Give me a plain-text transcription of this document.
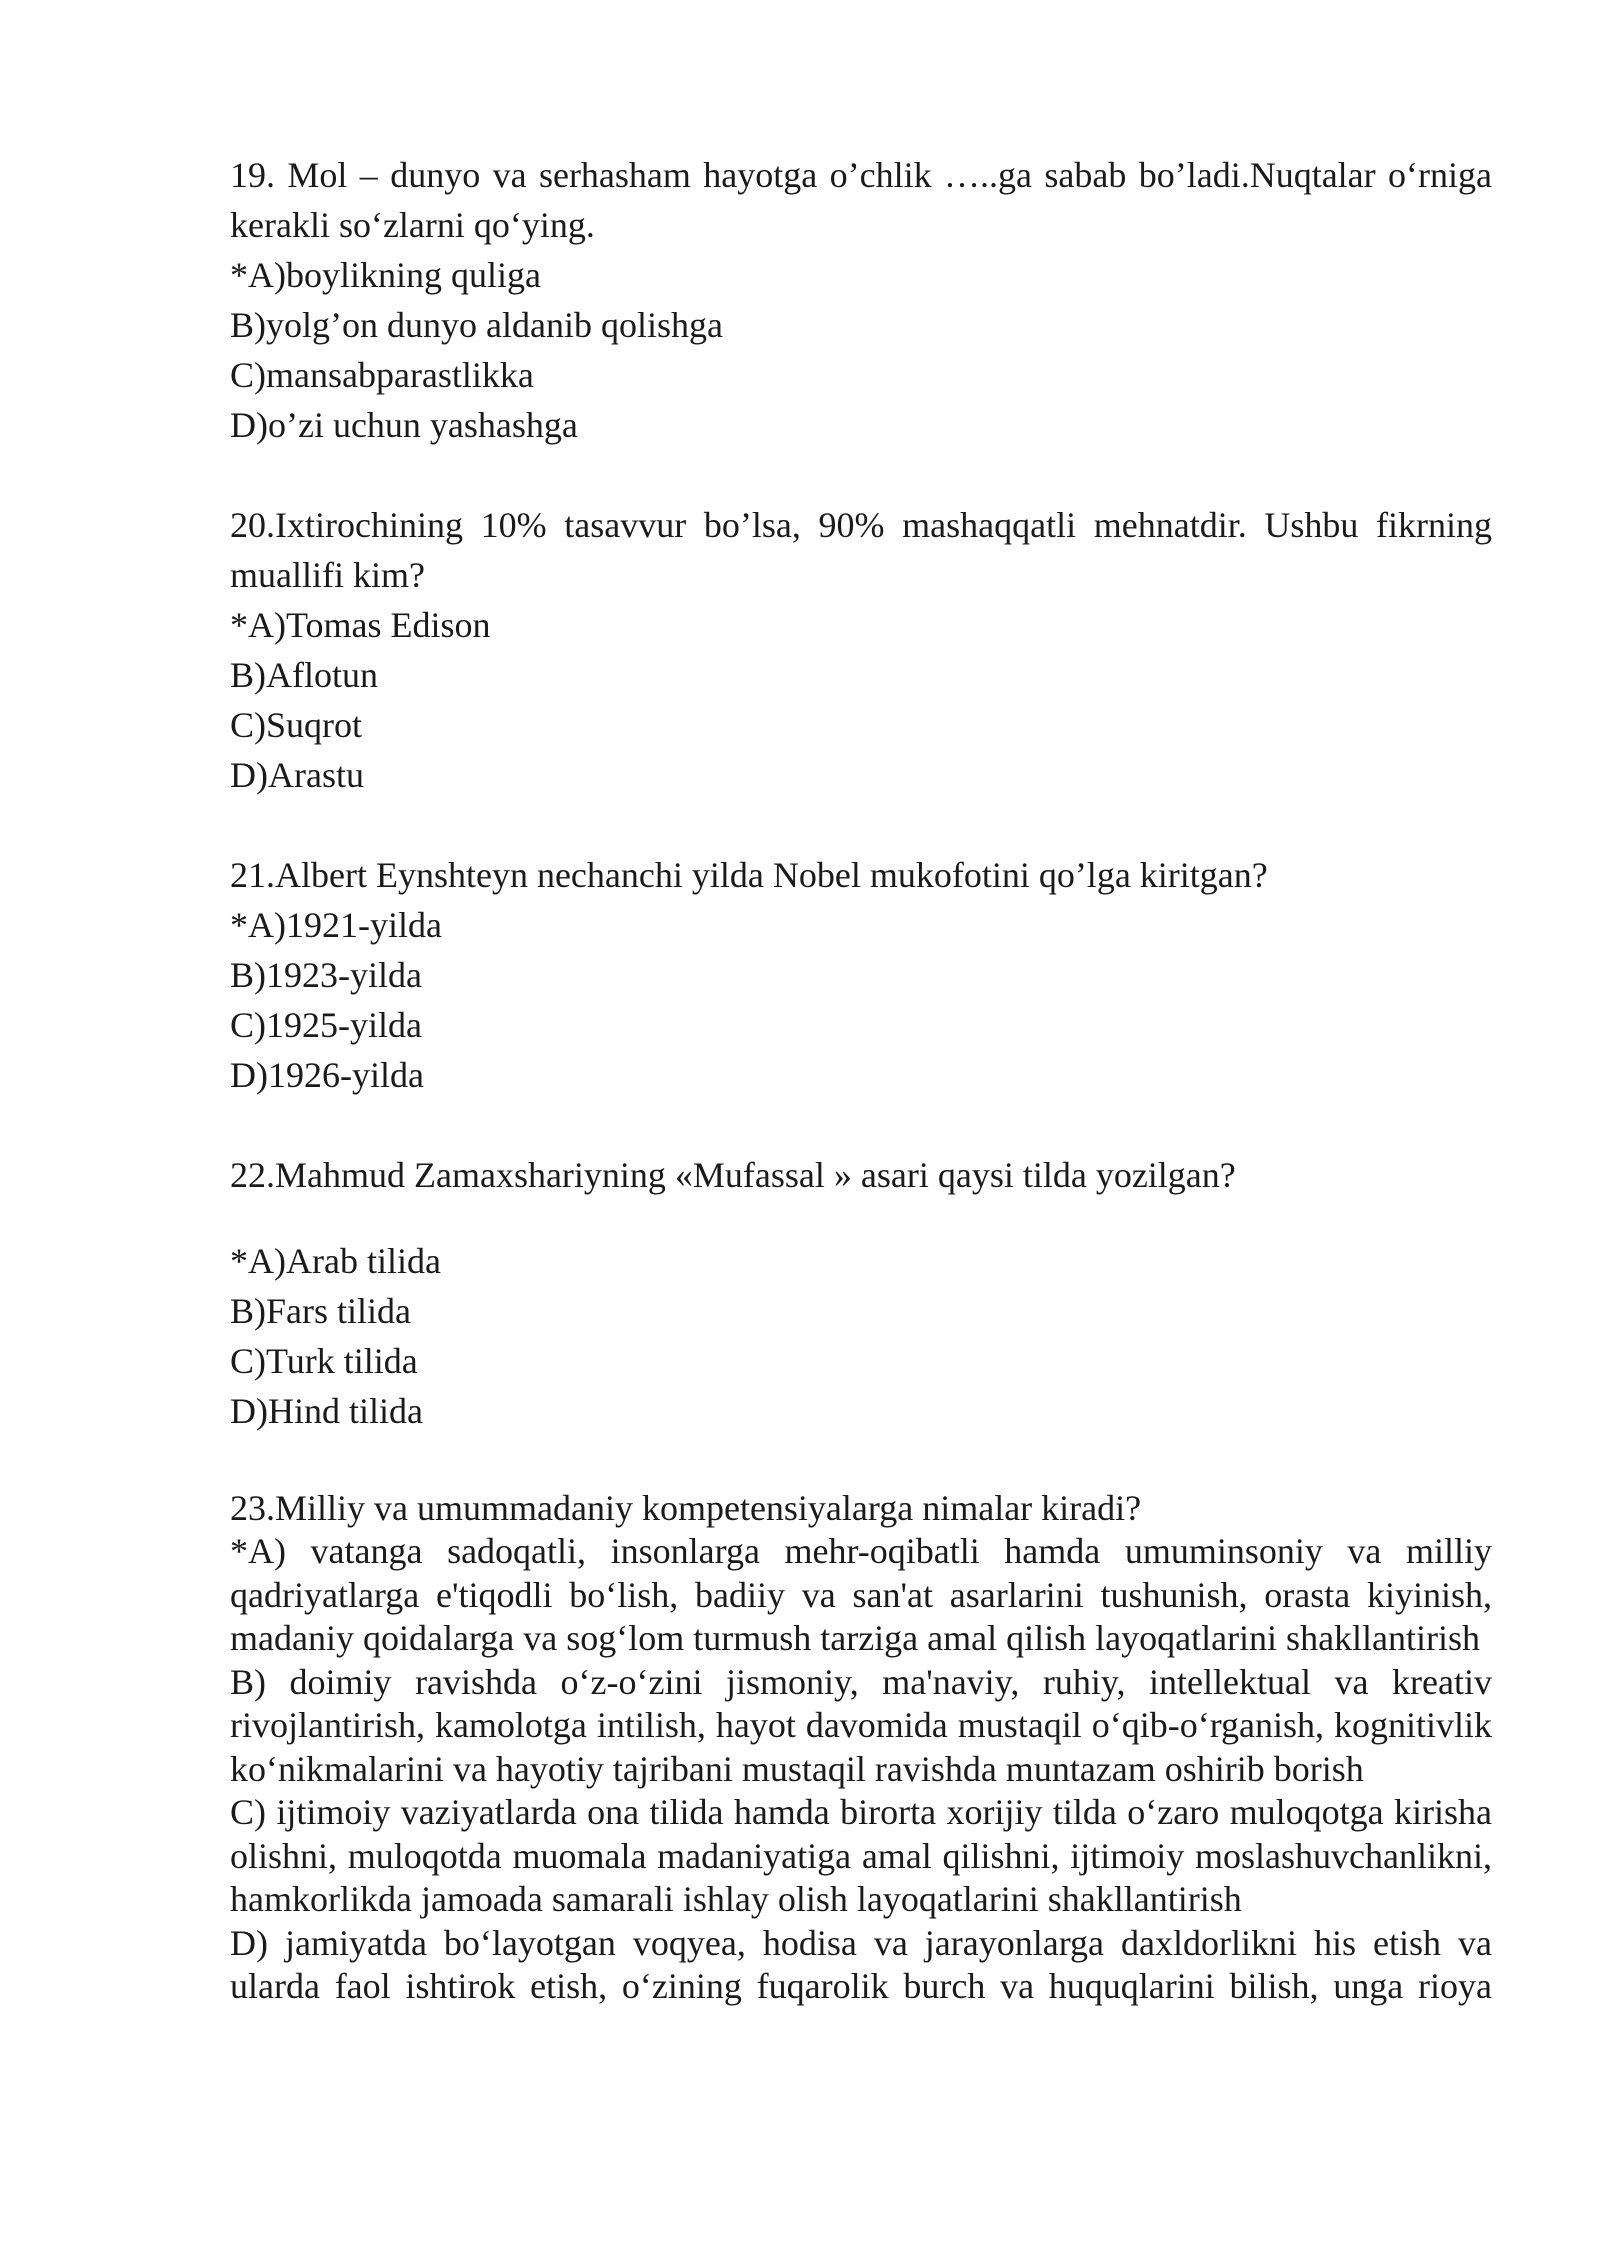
19. Mol – dunyo va serhasham hayotga o’chlik …..ga sabab bo’ladi.Nuqtalar o‘rniga kerakli so‘zlarni qo‘ying.

*A)boylikning quliga

B)yolg’on dunyo aldanib qolishga

C)mansabparastlikka

D)o’zi uchun yashashga

20.Ixtirochining 10% tasavvur bo’lsa, 90% mashaqqatli mehnatdir. Ushbu fikrning muallifi kim?

*A)Tomas Edison

B)Aflotun

C)Suqrot

D)Arastu

21.Albert Eynshteyn nechanchi yilda Nobel mukofotini qo’lga kiritgan?

*A)1921-yilda

B)1923-yilda

C)1925-yilda

D)1926-yilda

22.Mahmud Zamaxshariyning «Mufassal » asari qaysi tilda yozilgan?

*A)Arab tilida

B)Fars tilida

C)Turk tilida

D)Hind tilida

23.Milliy va umummadaniy kompetensiyalarga nimalar kiradi?

*A) vatanga sadoqatli, insonlarga mehr-oqibatli hamda umuminsoniy va milliy qadriyatlarga e'tiqodli bo‘lish, badiiy va san'at asarlarini tushunish, orasta kiyinish, madaniy qoidalarga va sog‘lom turmush tarziga amal qilish layoqatlarini shakllantirish

B) doimiy ravishda o‘z-o‘zini jismoniy, ma'naviy, ruhiy, intellektual va kreativ rivojlantirish, kamolotga intilish, hayot davomida mustaqil o‘qib-o‘rganish, kognitivlik ko‘nikmalarini va hayotiy tajribani mustaqil ravishda muntazam oshirib borish

C) ijtimoiy vaziyatlarda ona tilida hamda birorta xorijiy tilda o‘zaro muloqotga kirisha olishni, muloqotda muomala madaniyatiga amal qilishni, ijtimoiy moslashuvchanlikni, hamkorlikda jamoada samarali ishlay olish layoqatlarini shakllantirish

D) jamiyatda bo‘layotgan voqyea, hodisa va jarayonlarga daxldorlikni his etish va ularda faol ishtirok etish, o‘zining fuqarolik burch va huquqlarini bilish, unga rioya
